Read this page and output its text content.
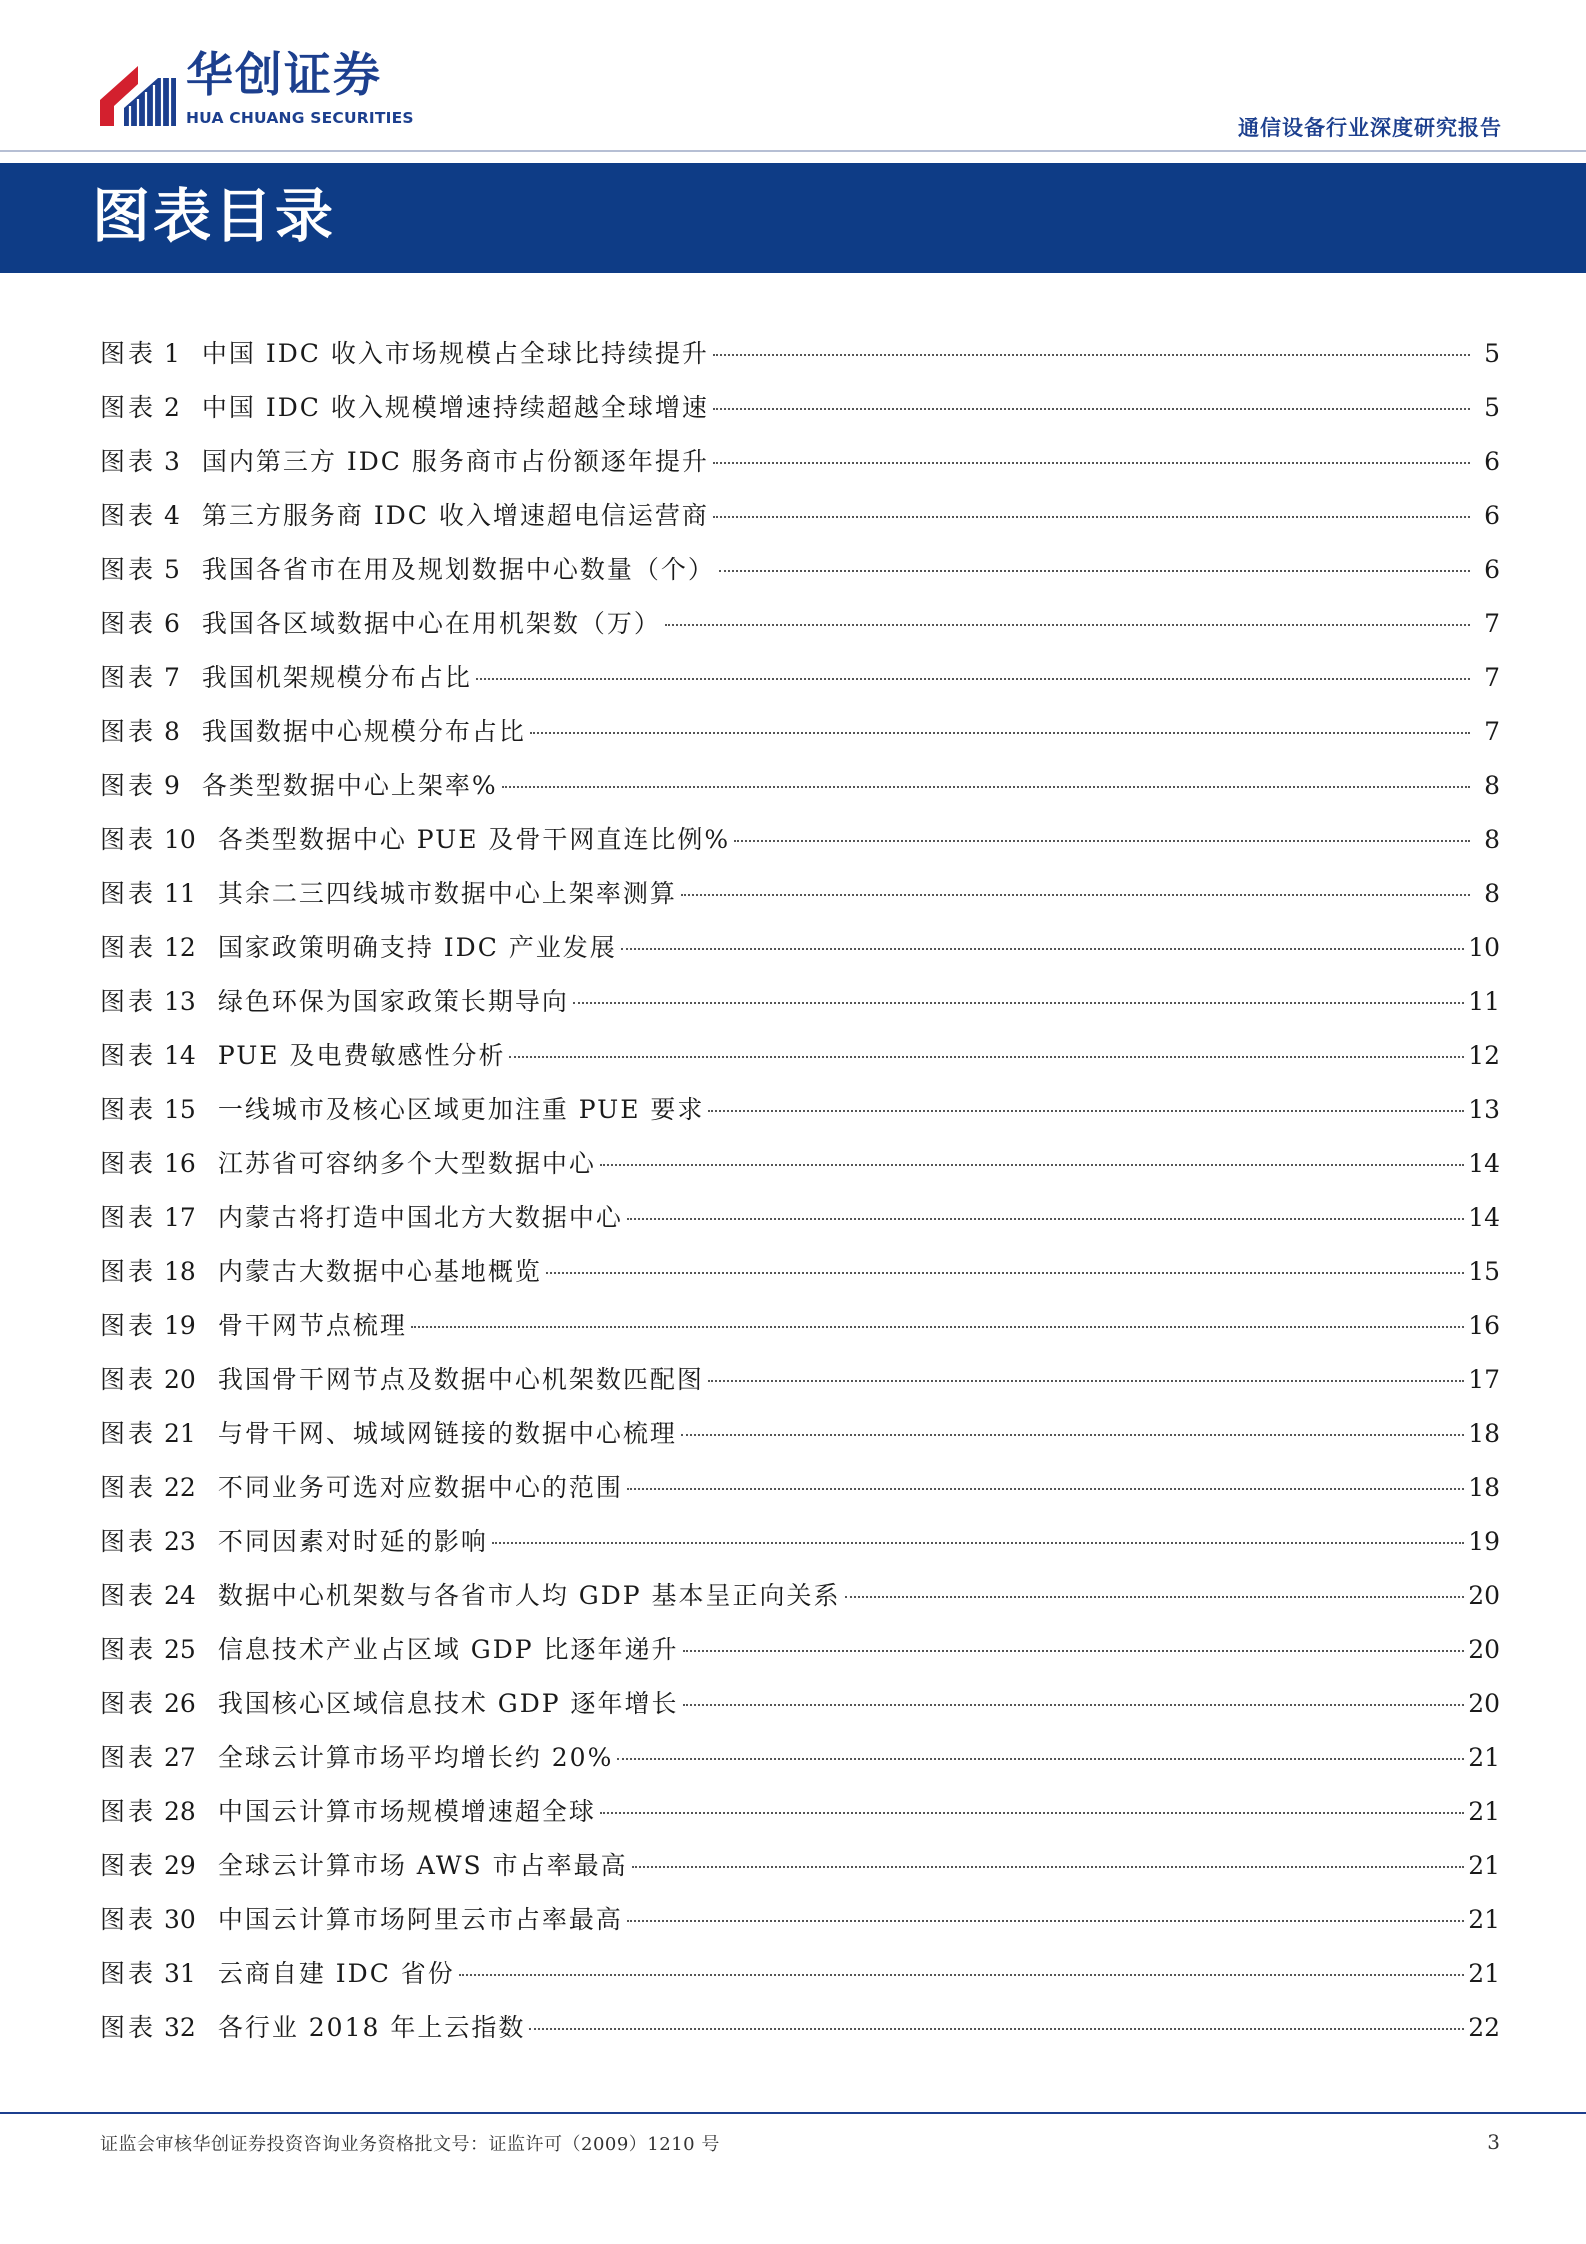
华创证券
HUA CHUANG SECURITIES	通信设备行业深度研究报告
图表目录
图表 1 中国 IDC 收入市场规模占全球比持续提升	5
图表 2 中国 IDC 收入规模增速持续超越全球增速	5
图表 3 国内第三方 IDC 服务商市占份额逐年提升	6
图表 4 第三方服务商 IDC 收入增速超电信运营商	6
图表 5 我国各省市在用及规划数据中心数量（个）	6
图表 6 我国各区域数据中心在用机架数（万）	7
图表 7 我国机架规模分布占比	7
图表 8 我国数据中心规模分布占比	7
图表 9 各类型数据中心上架率%	8
图表 10 各类型数据中心 PUE 及骨干网直连比例%	8
图表 11 其余二三四线城市数据中心上架率测算	8
图表 12 国家政策明确支持 IDC 产业发展	10
图表 13 绿色环保为国家政策长期导向	11
图表 14 PUE 及电费敏感性分析	12
图表 15 一线城市及核心区域更加注重 PUE 要求	13
图表 16 江苏省可容纳多个大型数据中心	14
图表 17 内蒙古将打造中国北方大数据中心	14
图表 18 内蒙古大数据中心基地概览	15
图表 19 骨干网节点梳理	16
图表 20 我国骨干网节点及数据中心机架数匹配图	17
图表 21 与骨干网、城域网链接的数据中心梳理	18
图表 22 不同业务可选对应数据中心的范围	18
图表 23 不同因素对时延的影响	19
图表 24 数据中心机架数与各省市人均 GDP 基本呈正向关系	20
图表 25 信息技术产业占区域 GDP 比逐年递升	20
图表 26 我国核心区域信息技术 GDP 逐年增长	20
图表 27 全球云计算市场平均增长约 20%	21
图表 28 中国云计算市场规模增速超全球	21
图表 29 全球云计算市场 AWS 市占率最高	21
图表 30 中国云计算市场阿里云市占率最高	21
图表 31 云商自建 IDC 省份	21
图表 32 各行业 2018 年上云指数	22
证监会审核华创证券投资咨询业务资格批文号：证监许可（2009）1210 号	3
